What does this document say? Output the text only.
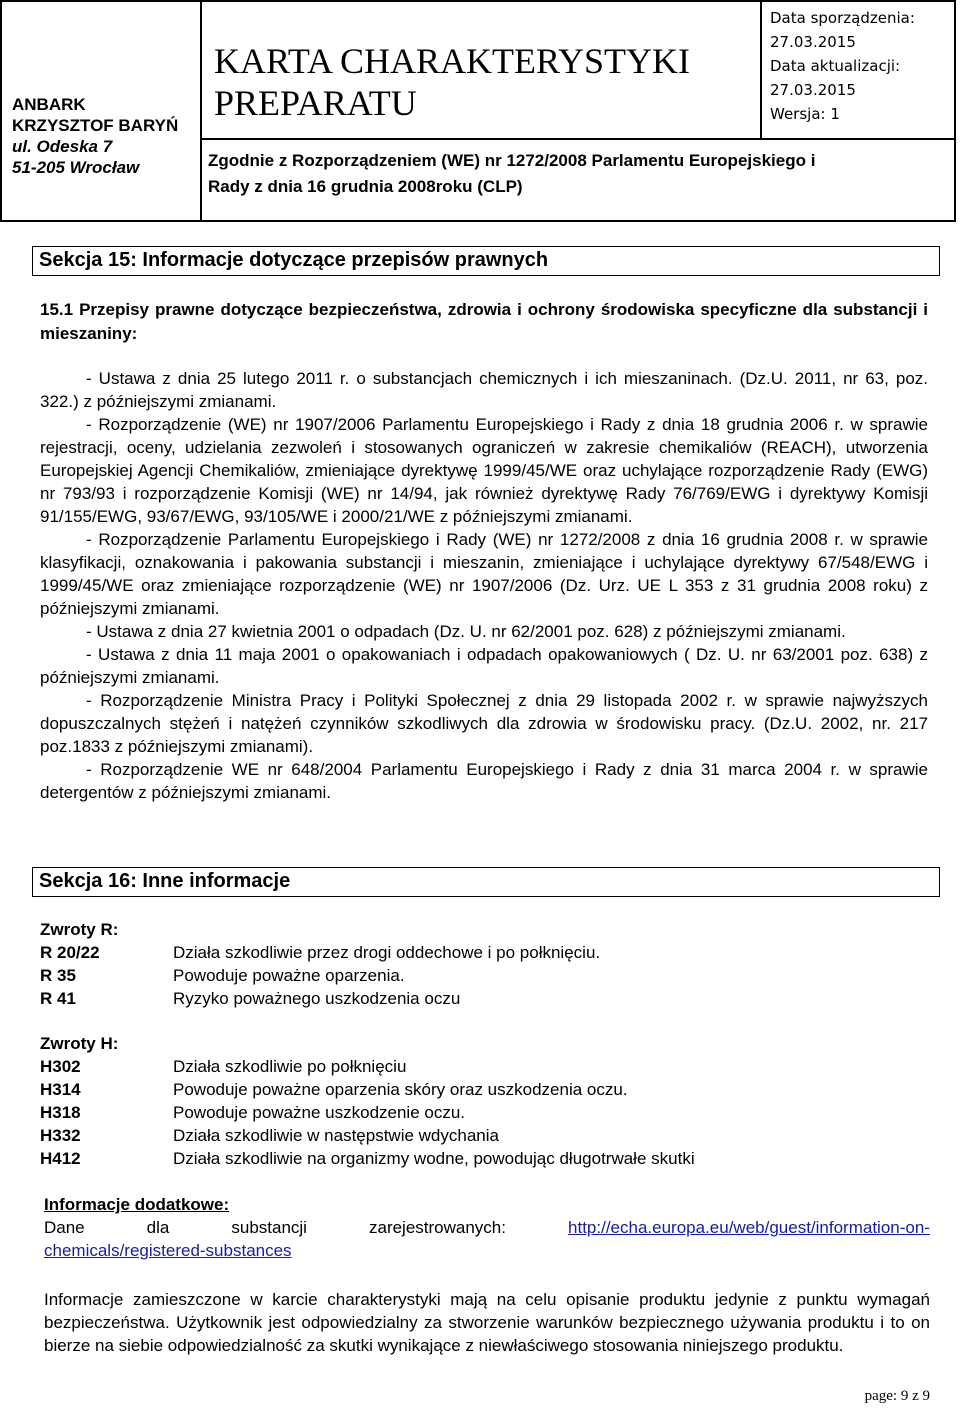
ANBARK
KRZYSZTOF BARYŃ
ul. Odeska 7
51-205 Wrocław
KARTA CHARAKTERYSTYKI
PREPARATU
Data sporządzenia:
27.03.2015
Data aktualizacji:
27.03.2015
Wersja: 1
Zgodnie z Rozporządzeniem (WE) nr 1272/2008 Parlamentu Europejskiego i
Rady z dnia 16 grudnia 2008roku (CLP)
Sekcja 15: Informacje dotyczące przepisów prawnych
15.1 Przepisy prawne dotyczące bezpieczeństwa, zdrowia i ochrony środowiska specyficzne dla substancji i mieszaniny:

- Ustawa z dnia 25 lutego 2011 r. o substancjach chemicznych i ich mieszaninach. (Dz.U. 2011, nr 63, poz. 322.) z późniejszymi zmianami.

- Rozporządzenie (WE) nr 1907/2006 Parlamentu Europejskiego i Rady z dnia 18 grudnia 2006 r. w sprawie rejestracji, oceny, udzielania zezwoleń i stosowanych ograniczeń w zakresie chemikaliów (REACH), utworzenia Europejskiej Agencji Chemikaliów, zmieniające dyrektywę 1999/45/WE oraz uchylające rozporządzenie Rady (EWG) nr 793/93 i rozporządzenie Komisji (WE) nr 14/94, jak również dyrektywę Rady 76/769/EWG i dyrektywy Komisji 91/155/EWG, 93/67/EWG, 93/105/WE i 2000/21/WE z późniejszymi zmianami.

- Rozporządzenie Parlamentu Europejskiego i Rady (WE) nr 1272/2008 z dnia 16 grudnia 2008 r. w sprawie klasyfikacji, oznakowania i pakowania substancji i mieszanin, zmieniające i uchylające dyrektywy 67/548/EWG i 1999/45/WE oraz zmieniające rozporządzenie (WE) nr 1907/2006 (Dz. Urz. UE L 353 z 31 grudnia 2008 roku) z późniejszymi zmianami.

- Ustawa z dnia 27 kwietnia 2001 o odpadach (Dz. U. nr 62/2001 poz. 628) z późniejszymi zmianami.

- Ustawa z dnia 11 maja 2001 o opakowaniach i odpadach opakowaniowych ( Dz. U. nr 63/2001 poz. 638) z późniejszymi zmianami.

- Rozporządzenie Ministra Pracy i Polityki Społecznej z dnia 29 listopada 2002 r. w sprawie najwyższych dopuszczalnych stężeń i natężeń czynników szkodliwych dla zdrowia w środowisku pracy. (Dz.U. 2002, nr. 217 poz.1833 z późniejszymi zmianami).

- Rozporządzenie WE nr 648/2004 Parlamentu Europejskiego i Rady z dnia 31 marca 2004 r. w sprawie detergentów z późniejszymi zmianami.

Sekcja 16: Inne informacje
Zwroty R:
R 20/22	Działa szkodliwie przez drogi oddechowe i po połknięciu.
R 35	Powoduje poważne oparzenia.
R 41	Ryzyko poważnego uszkodzenia oczu
Zwroty H:
H302	Działa szkodliwie po połknięciu
H314	Powoduje poważne oparzenia skóry oraz uszkodzenia oczu.
H318	Powoduje poważne uszkodzenie oczu.
H332	Działa szkodliwie w następstwie wdychania
H412	Działa szkodliwie na organizmy wodne, powodując długotrwałe skutki
Informacje dodatkowe:
Dane	dla	substancji	zarejestrowanych:	http://echa.europa.eu/web/guest/information-on-
chemicals/registered-substances
Informacje zamieszczone w karcie charakterystyki mają na celu opisanie produktu jedynie z punktu wymagań bezpieczeństwa. Użytkownik jest odpowiedzialny za stworzenie warunków bezpiecznego używania produktu i to on bierze na siebie odpowiedzialność za skutki wynikające z niewłaściwego stosowania niniejszego produktu.
page: 9 z 9
